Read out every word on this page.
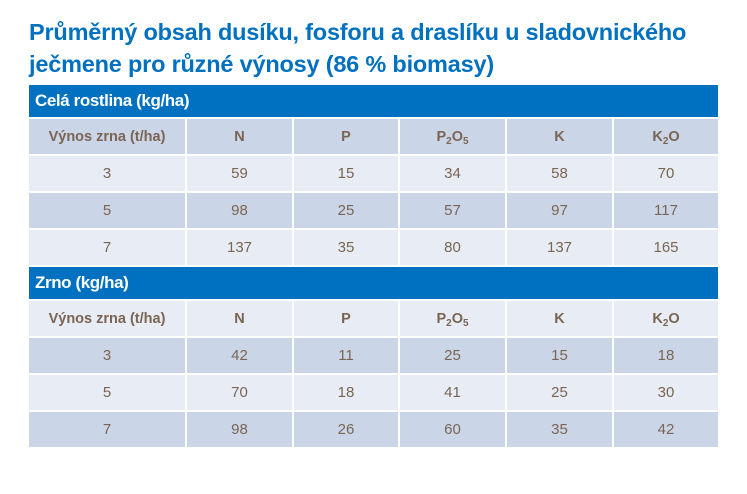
Průměrný obsah dusíku, fosforu a draslíku u sladovnického
ječmene pro různé výnosy (86 % biomasy)
Celá rostlina (kg/ha)					
Výnos zrna (t/ha)	N	P	$P_2O_5$	K	$K_2O$
3	59	15	34	58	70
5	98	25	57	97	117
7	137	35	80	137	165
Zrno (kg/ha)					
Výnos zrna (t/ha)	N	P	$P_2O_5$	K	$K_2O$
3	42	11	25	15	18
5	70	18	41	25	30
7	98	26	60	35	42
